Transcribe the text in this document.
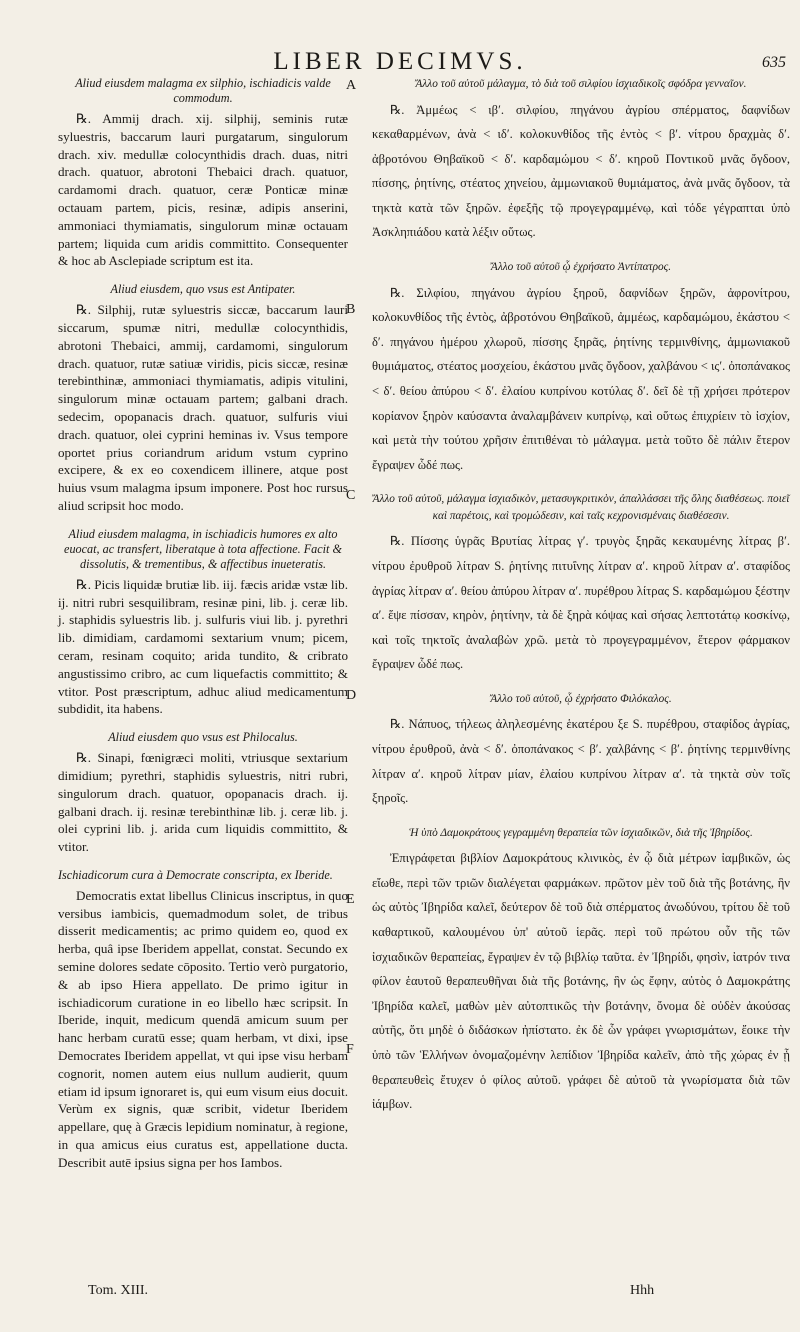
LIBER DECIMVS.	635
A
B
C
D
E
F

Aliud eiusdem malagma ex silphio, ischiadicis valde commodum.

℞. Ammij drach. xij. silphij, seminis rutæ syluestris, baccarum lauri purgatarum, singulorum drach. xiv. medullæ colocynthidis drach. duas, nitri drach. quatuor, abrotoni Thebaici drach. quatuor, cardamomi drach. quatuor, ceræ Ponticæ minæ octauam partem, picis, resinæ, adipis anserini, ammoniaci thymiamatis, singulorum minæ octauam partem; liquida cum aridis committito. Consequenter & hoc ab Asclepiade scriptum est ita.

Aliud eiusdem, quo vsus est Antipater.

℞. Silphij, rutæ syluestris siccæ, baccarum lauri siccarum, spumæ nitri, medullæ colocynthidis, abrotoni Thebaici, ammij, cardamomi, singulorum drach. quatuor, rutæ satiuæ viridis, picis siccæ, resinæ terebinthinæ, ammoniaci thymiamatis, adipis vitulini, singulorum minæ octauam partem; galbani drach. sedecim, opopanacis drach. quatuor, sulfuris viui drach. quatuor, olei cyprini heminas iv. Vsus tempore oportet prius coriandrum aridum vstum cyprino excipere, & ex eo coxendicem illinere, atque post huius vsum malagma ipsum imponere. Post hoc rursus aliud scripsit hoc modo.

Aliud eiusdem malagma, in ischiadicis humores ex alto euocat, ac transfert, liberatque à tota affectione. Facit & dissolutis, & trementibus, & affectibus inueteratis.

℞. Picis liquidæ brutiæ lib. iij. fæcis aridæ vstæ lib. ij. nitri rubri sesquilibram, resinæ pini, lib. j. ceræ lib. j. staphidis syluestris lib. j. sulfuris viui lib. j. pyrethri lib. dimidiam, cardamomi sextarium vnum; picem, ceram, resinam coquito; arida tundito, & cribrato angustissimo cribro, ac cum liquefactis committito; & vtitor. Post præscriptum, adhuc aliud medicamentum subdidit, ita habens.

Aliud eiusdem quo vsus est Philocalus.

℞. Sinapi, fœnigræci moliti, vtriusque sextarium dimidium; pyrethri, staphidis syluestris, nitri rubri, singulorum drach. quatuor, opopanacis drach. ij. galbani drach. ij. resinæ terebinthinæ lib. j. ceræ lib. j. olei cyprini lib. j. arida cum liquidis committito, & vtitor.

Ischiadicorum cura à Democrate conscripta, ex Iberide.

Democratis extat libellus Clinicus inscriptus, in quo versibus iambicis, quemadmodum solet, de tribus disserit medicamentis; ac primo quidem eo, quod ex herba, quâ ipse Iberidem appellat, constat. Secundo ex semine dolores sedate cōposito. Tertio verò purgatorio, & ab ipso Hiera appellato. De primo igitur in ischiadicorum curatione in eo libello hæc scripsit. In Iberide, inquit, medicum quendā amicum suum per hanc herbam curatū esse; quam herbam, vt dixi, ipse Democrates Iberidem appellat, vt qui ipse visu herbam cognorit, nomen autem eius nullum audierit, quum etiam id ipsum ignoraret is, qui eum visum eius docuit. Verùm ex signis, quæ scribit, videtur Iberidem appellare, quę à Græcis lepidium nominatur, à regione, in qua amicus eius curatus est, appellatione ducta. Describit autē ipsius signa per hos Iambos.

Ἄλλο τοῦ αὐτοῦ μάλαγμα, τὸ διὰ τοῦ σιλφίου ἰσχιαδικοῖς σφόδρα γενναῖον.

℞. Ἀμμέως < ιβʹ. σιλφίου, πηγάνου ἀγρίου σπέρματος, δαφνίδων κεκαθαρμένων, ἀνὰ < ιδʹ. κολοκυνθίδος τῆς ἐντὸς < βʹ. νίτρου δραχμὰς δʹ. ἀβροτόνου Θηβαϊκοῦ < δʹ. καρδαμώμου < δʹ. κηροῦ Ποντικοῦ μνᾶς ὄγδοον, πίσσης, ῥητίνης, στέατος χηνείου, ἀμμωνιακοῦ θυμιάματος, ἀνὰ μνᾶς ὄγδοον, τὰ τηκτὰ κατὰ τῶν ξηρῶν. ἐφεξῆς τῷ προγεγραμμένῳ, καὶ τόδε γέγραπται ὑπὸ Ἀσκληπιάδου κατὰ λέξιν οὕτως.

Ἄλλο τοῦ αὐτοῦ ᾧ ἐχρήσατο Ἀντίπατρος.

℞. Σιλφίου, πηγάνου ἀγρίου ξηροῦ, δαφνίδων ξηρῶν, ἀφρονίτρου, κολοκυνθίδος τῆς ἐντὸς, ἀβροτόνου Θηβαϊκοῦ, ἀμμέως, καρδαμώμου, ἑκάστου < δʹ. πηγάνου ἡμέρου χλωροῦ, πίσσης ξηρᾶς, ῥητίνης τερμινθίνης, ἀμμωνιακοῦ θυμιάματος, στέατος μοσχείου, ἑκάστου μνᾶς ὄγδοον, χαλβάνου < ιςʹ. ὀποπάνακος < δʹ. θείου ἀπύρου < δʹ. ἐλαίου κυπρίνου κοτύλας δʹ. δεῖ δὲ τῇ χρήσει πρότερον κορίανον ξηρὸν καύσαντα ἀναλαμβάνειν κυπρίνῳ, καὶ οὕτως ἐπιχρίειν τὸ ἰσχίον, καὶ μετὰ τὴν τούτου χρῆσιν ἐπιτιθέναι τὸ μάλαγμα. μετὰ τοῦτο δὲ πάλιν ἕτερον ἔγραψεν ὧδέ πως.

Ἄλλο τοῦ αὐτοῦ, μάλαγμα ἰσχιαδικὸν, μετασυγκριτικὸν, ἀπαλλάσσει τῆς ὅλης διαθέσεως. ποιεῖ καὶ παρέτοις, καὶ τρομώδεσιν, καὶ ταῖς κεχρονισμέναις διαθέσεσιν.

℞. Πίσσης ὑγρᾶς Βρυτίας λίτρας γʹ. τρυγὸς ξηρᾶς κεκαυμένης λίτρας βʹ. νίτρου ἐρυθροῦ λίτραν S. ῥητίνης πιτυΐνης λίτραν αʹ. κηροῦ λίτραν αʹ. σταφίδος ἀγρίας λίτραν αʹ. θείου ἀπύρου λίτραν αʹ. πυρέθρου λίτρας S. καρδαμώμου ξέστην αʹ. ἕψε πίσσαν, κηρὸν, ῥητίνην, τὰ δὲ ξηρὰ κόψας καὶ σήσας λεπτοτάτῳ κοσκίνῳ, καὶ τοῖς τηκτοῖς ἀναλαβὼν χρῶ. μετὰ τὸ προγεγραμμένον, ἕτερον φάρμακον ἔγραψεν ὧδέ πως.

Ἄλλο τοῦ αὐτοῦ, ᾧ ἐχρήσατο Φιλόκαλος.

℞. Νάπυος, τήλεως ἀληλεσμένης ἑκατέρου ξε S. πυρέθρου, σταφίδος ἀγρίας, νίτρου ἐρυθροῦ, ἀνὰ < δʹ. ὀποπάνακος < βʹ. χαλβάνης < βʹ. ῥητίνης τερμινθίνης λίτραν αʹ. κηροῦ λίτραν μίαν, ἐλαίου κυπρίνου λίτραν αʹ. τὰ τηκτὰ σὺν τοῖς ξηροῖς.

Ἡ ὑπὸ Δαμοκράτους γεγραμμένη θεραπεία τῶν ἰσχιαδικῶν, διὰ τῆς Ἰβηρίδος.

Ἐπιγράφεται βιβλίον Δαμοκράτους κλινικὸς, ἐν ᾧ διὰ μέτρων ἰαμβικῶν, ὡς εἴωθε, περὶ τῶν τριῶν διαλέγεται φαρμάκων. πρῶτον μὲν τοῦ διὰ τῆς βοτάνης, ἣν ὡς αὐτὸς Ἰβηρίδα καλεῖ, δεύτερον δὲ τοῦ διὰ σπέρματος ἀνωδύνου, τρίτου δὲ τοῦ καθαρτικοῦ, καλουμένου ὑπ' αὐτοῦ ἱερᾶς. περὶ τοῦ πρώτου οὖν τῆς τῶν ἰσχιαδικῶν θεραπείας, ἔγραψεν ἐν τῷ βιβλίῳ ταῦτα. ἐν Ἰβηρίδι, φησὶν, ἰατρόν τινα φίλον ἑαυτοῦ θεραπευθῆναι διὰ τῆς βοτάνης, ἣν ὡς ἔφην, αὐτὸς ὁ Δαμοκράτης Ἰβηρίδα καλεῖ, μαθὼν μὲν αὐτοπτικῶς τὴν βοτάνην, ὄνομα δὲ οὐδὲν ἀκούσας αὐτῆς, ὅτι μηδὲ ὁ διδάσκων ἠπίστατο. ἐκ δὲ ὧν γράφει γνωρισμάτων, ἔοικε τὴν ὑπὸ τῶν Ἑλλήνων ὀνομαζομένην λεπίδιον Ἰβηρίδα καλεῖν, ἀπὸ τῆς χώρας ἐν ᾗ θεραπευθεὶς ἔτυχεν ὁ φίλος αὐτοῦ. γράφει δὲ αὐτοῦ τὰ γνωρίσματα διὰ τῶν ἰάμβων.

Tom. XIII.	Hhh
